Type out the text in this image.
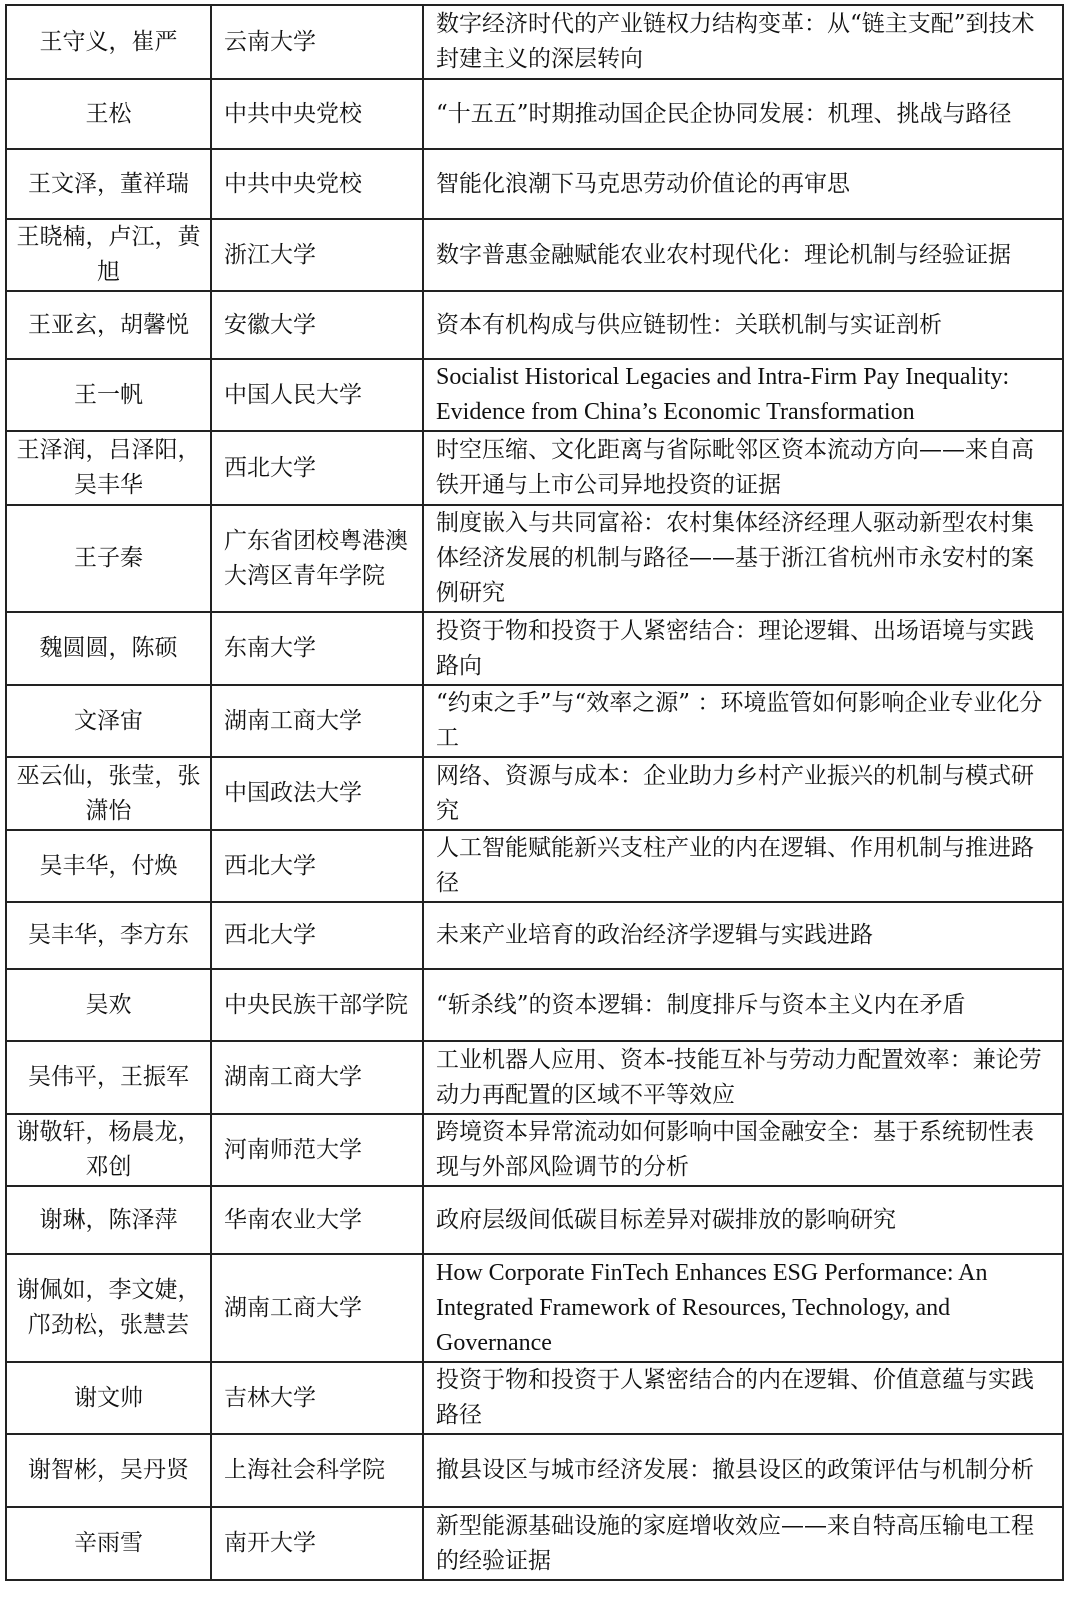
王守义，崔严	云南大学	数字经济时代的产业链权力结构变革：从“链主支配”到技术封建主义的深层转向
王松	中共中央党校	“十五五”时期推动国企民企协同发展：机理、挑战与路径
王文泽，董祥瑞	中共中央党校	智能化浪潮下马克思劳动价值论的再审思
王晓楠，卢江，黄旭	浙江大学	数字普惠金融赋能农业农村现代化：理论机制与经验证据
王亚玄，胡馨悦	安徽大学	资本有机构成与供应链韧性：关联机制与实证剖析
王一帆	中国人民大学	Socialist Historical Legacies and Intra-Firm Pay Inequality: Evidence from China’s Economic Transformation
王泽润，吕泽阳，吴丰华	西北大学	时空压缩、文化距离与省际毗邻区资本流动方向——来自高铁开通与上市公司异地投资的证据
王子秦	广东省团校粤港澳大湾区青年学院	制度嵌入与共同富裕：农村集体经济经理人驱动新型农村集体经济发展的机制与路径——基于浙江省杭州市永安村的案例研究
魏圆圆，陈硕	东南大学	投资于物和投资于人紧密结合：理论逻辑、出场语境与实践路向
文泽宙	湖南工商大学	“约束之手”与“效率之源” ：环境监管如何影响企业专业化分工
巫云仙，张莹，张潇怡	中国政法大学	网络、资源与成本：企业助力乡村产业振兴的机制与模式研究
吴丰华，付焕	西北大学	人工智能赋能新兴支柱产业的内在逻辑、作用机制与推进路径
吴丰华，李方东	西北大学	未来产业培育的政治经济学逻辑与实践进路
吴欢	中央民族干部学院	“斩杀线”的资本逻辑：制度排斥与资本主义内在矛盾
吴伟平，王振军	湖南工商大学	工业机器人应用、资本-技能互补与劳动力配置效率：兼论劳动力再配置的区域不平等效应
谢敬轩，杨晨龙，邓创	河南师范大学	跨境资本异常流动如何影响中国金融安全：基于系统韧性表现与外部风险调节的分析
谢琳，陈泽萍	华南农业大学	政府层级间低碳目标差异对碳排放的影响研究
谢佩如，李文婕，邝劲松，张慧芸	湖南工商大学	How Corporate FinTech Enhances ESG Performance: An Integrated Framework of Resources, Technology, and Governance
谢文帅	吉林大学	投资于物和投资于人紧密结合的内在逻辑、价值意蕴与实践路径
谢智彬，吴丹贤	上海社会科学院	撤县设区与城市经济发展：撤县设区的政策评估与机制分析
辛雨雪	南开大学	新型能源基础设施的家庭增收效应——来自特高压输电工程的经验证据
